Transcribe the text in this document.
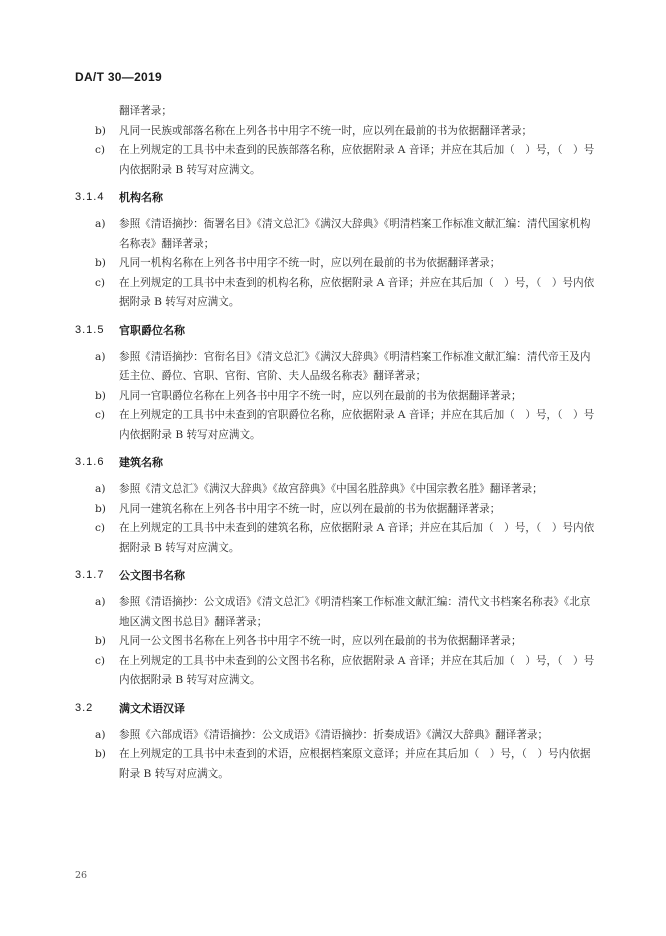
DA/T 30—2019
翻译著录；
b) 凡同一民族或部落名称在上列各书中用字不统一时，应以列在最前的书为依据翻译著录；
c) 在上列规定的工具书中未查到的民族部落名称，应依据附录 A 音译；并应在其后加（　）号，（　）号内依据附录 B 转写对应满文。
3.1.4	机构名称
a) 参照《清语摘抄：衙署名目》《清文总汇》《满汉大辞典》《明清档案工作标准文献汇编：清代国家机构名称表》翻译著录；
b) 凡同一机构名称在上列各书中用字不统一时，应以列在最前的书为依据翻译著录；
c) 在上列规定的工具书中未查到的机构名称，应依据附录 A 音译；并应在其后加（　）号，（　）号内依据附录 B 转写对应满文。
3.1.5	官职爵位名称
a) 参照《清语摘抄：官衔名目》《清文总汇》《满汉大辞典》《明清档案工作标准文献汇编：清代帝王及内廷主位、爵位、官职、官衔、官阶、夫人品级名称表》翻译著录；
b) 凡同一官职爵位名称在上列各书中用字不统一时，应以列在最前的书为依据翻译著录；
c) 在上列规定的工具书中未查到的官职爵位名称，应依据附录 A 音译；并应在其后加（　）号，（　）号内依据附录 B 转写对应满文。
3.1.6	建筑名称
a) 参照《清文总汇》《满汉大辞典》《故宫辞典》《中国名胜辞典》《中国宗教名胜》翻译著录；
b) 凡同一建筑名称在上列各书中用字不统一时，应以列在最前的书为依据翻译著录；
c) 在上列规定的工具书中未查到的建筑名称，应依据附录 A 音译；并应在其后加（　）号，（　）号内依据附录 B 转写对应满文。
3.1.7	公文图书名称
a) 参照《清语摘抄：公文成语》《清文总汇》《明清档案工作标准文献汇编：清代文书档案名称表》《北京地区满文图书总目》翻译著录；
b) 凡同一公文图书名称在上列各书中用字不统一时，应以列在最前的书为依据翻译著录；
c) 在上列规定的工具书中未查到的公文图书名称，应依据附录 A 音译；并应在其后加（　）号，（　）号内依据附录 B 转写对应满文。
3.2	满文术语汉译
a) 参照《六部成语》《清语摘抄：公文成语》《清语摘抄：折奏成语》《满汉大辞典》翻译著录；
b) 在上列规定的工具书中未查到的术语，应根据档案原文意译；并应在其后加（　）号，（　）号内依据附录 B 转写对应满文。
26
